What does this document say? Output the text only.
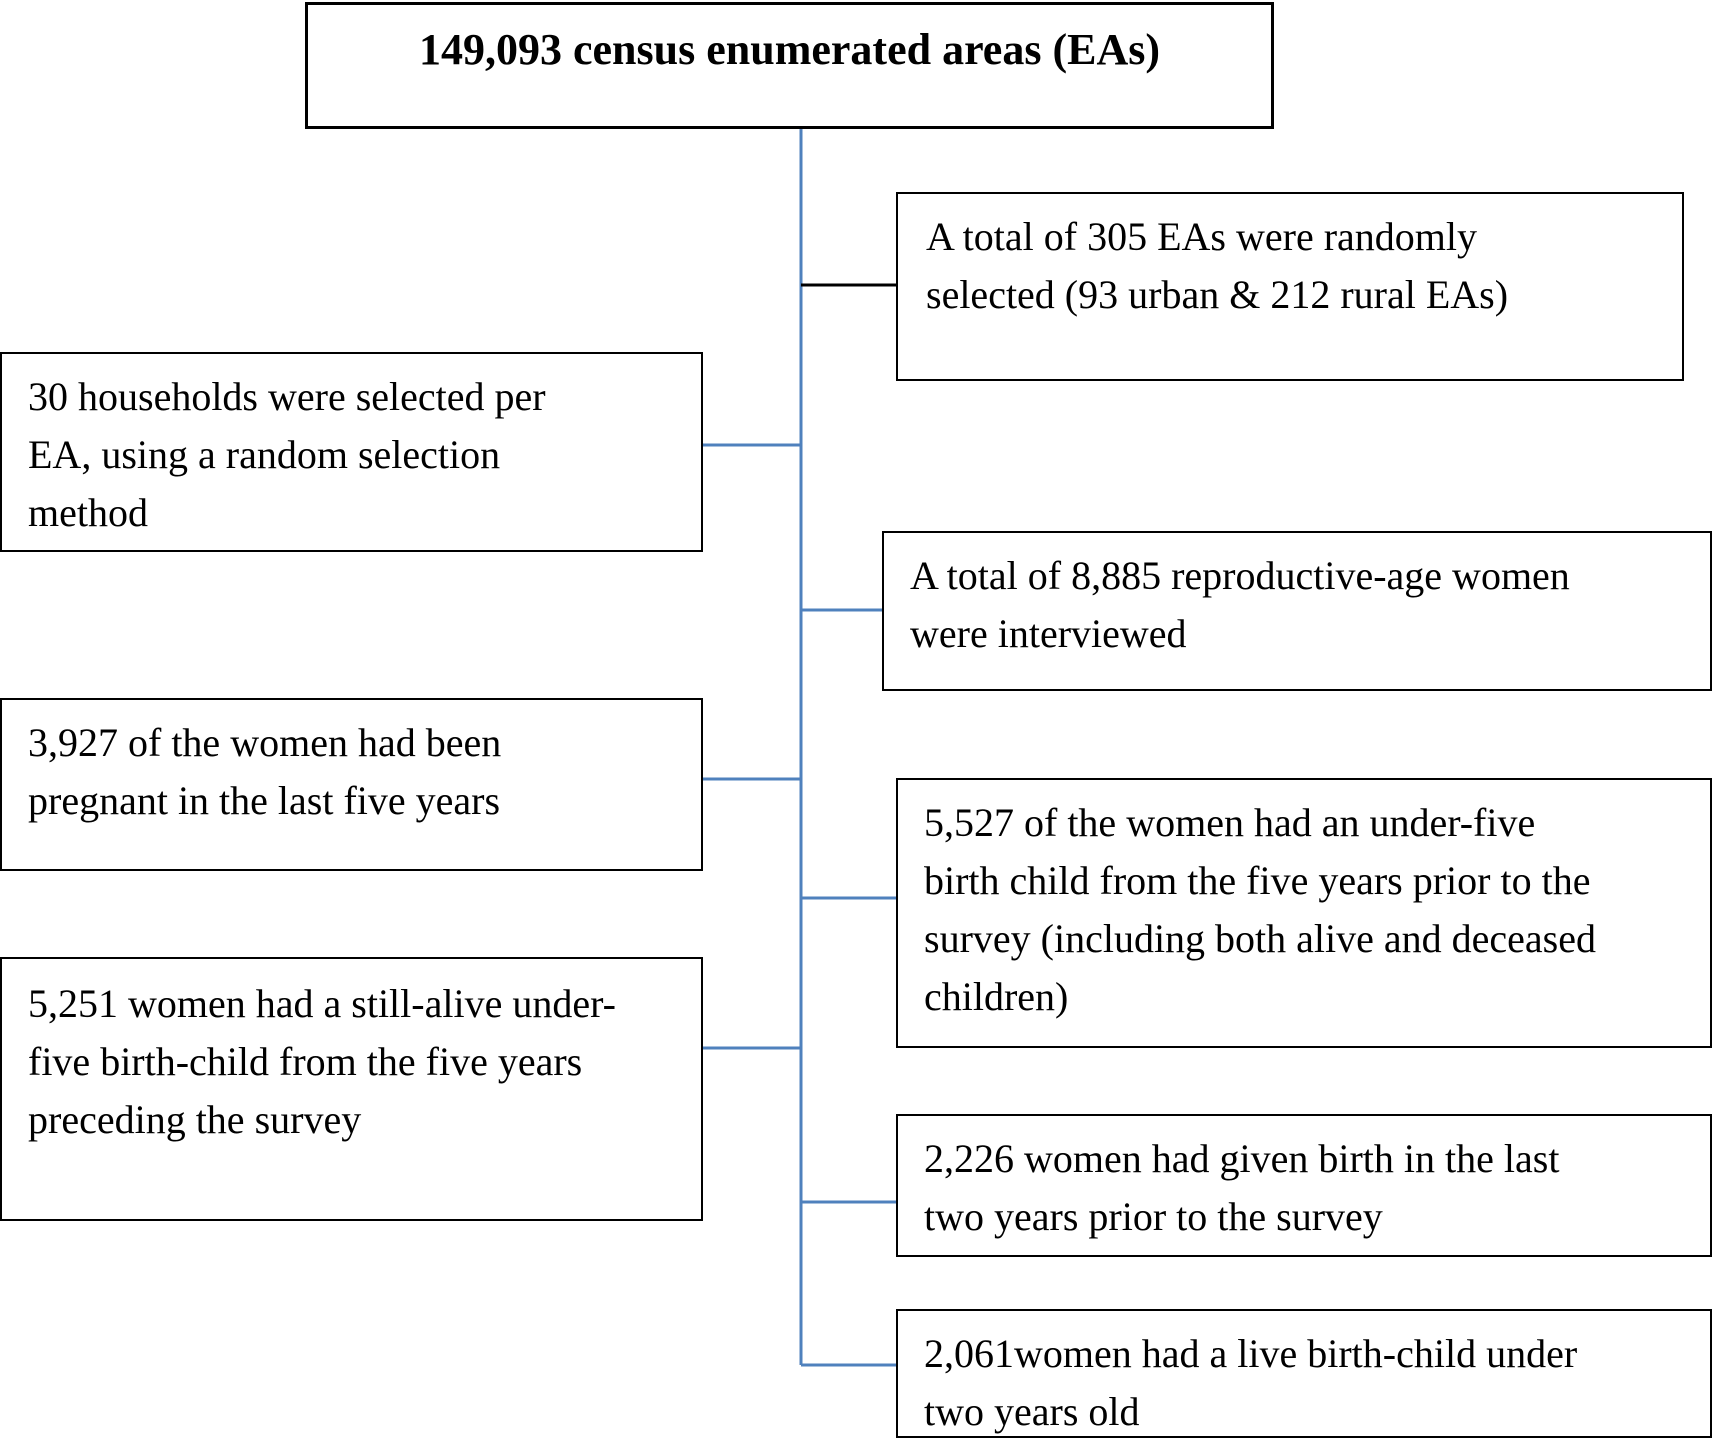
149,093 census enumerated areas (EAs)
A total of 305 EAs were randomly
selected (93 urban & 212 rural EAs)
30 households were selected per
EA, using a random selection
method
A total of 8,885 reproductive-age women
were interviewed
3,927 of the women had been
pregnant in the last five years	5,527 of the women had an under-five
birth child from the five years prior to the
survey (including both alive and deceased
children)
5,251 women had a still-alive under-
five birth-child from the five years
preceding the survey
2,226 women had given birth in the last
two years prior to the survey
2,061women had a live birth-child under
two years old
